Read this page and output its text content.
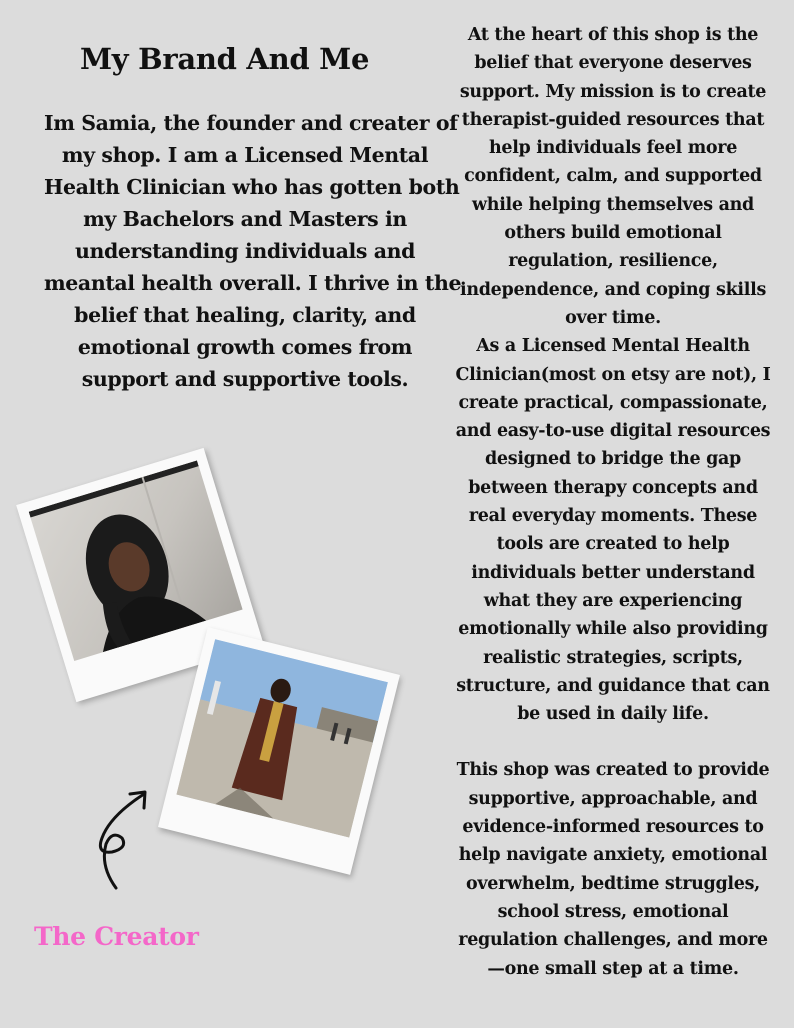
My Brand And Me

Im Samia, the founder and creater of
my shop. I am a Licensed Mental
Health Clinician who has gotten both
my Bachelors and Masters in
understanding individuals and
meantal health overall. I thrive in the
belief that healing, clarity, and
emotional growth comes from
support and supportive tools.

At the heart of this shop is the
belief that everyone deserves
support. My mission is to create
therapist-guided resources that
help individuals feel more
confident, calm, and supported
while helping themselves and
others build emotional
regulation, resilience,
independence, and coping skills
over time.

As a Licensed Mental Health
Clinician(most on etsy are not), I
create practical, compassionate,
and easy-to-use digital resources
designed to bridge the gap
between therapy concepts and
real everyday moments. These
tools are created to help
individuals better understand
what they are experiencing
emotionally while also providing
realistic strategies, scripts,
structure, and guidance that can
be used in daily life.

This shop was created to provide
supportive, approachable, and
evidence-informed resources to
help navigate anxiety, emotional
overwhelm, bedtime struggles,
school stress, emotional
regulation challenges, and more
—one small step at a time.

The Creator
